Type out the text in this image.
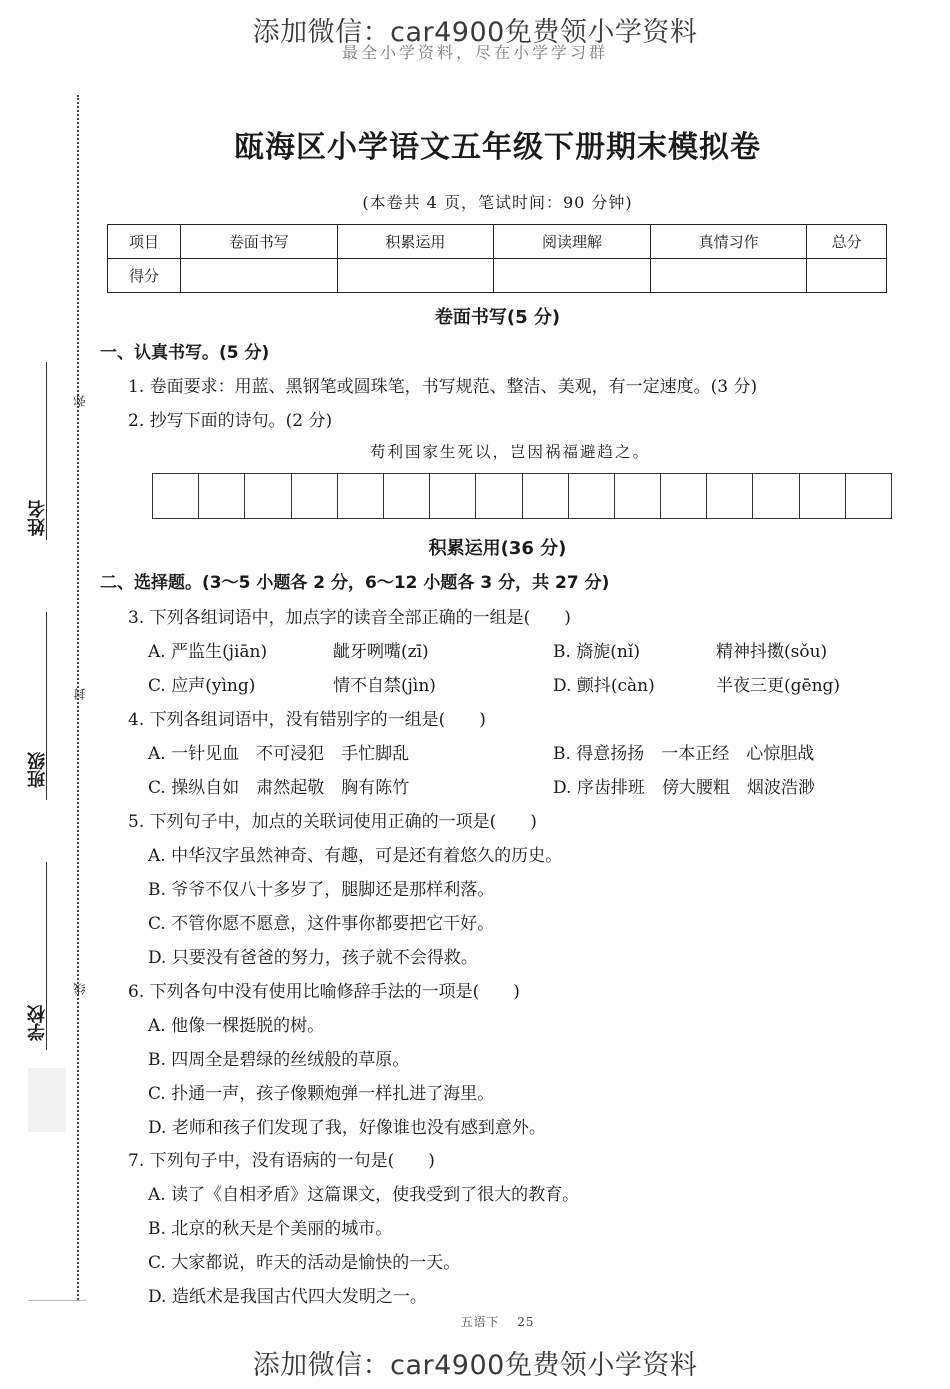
添加微信：car4900免费领小学资料
最全小学资料，尽在小学学习群
姓名
班级
学校
弥
封
线
瓯海区小学语文五年级下册期末模拟卷
(本卷共 4 页，笔试时间：90 分钟)
项目	卷面书写	积累运用	阅读理解	真情习作	总分
得分					
卷面书写(5 分)
一、认真书写。(5 分)
1. 卷面要求：用蓝、黑钢笔或圆珠笔，书写规范、整洁、美观，有一定速度。(3 分)
2. 抄写下面的诗句。(2 分)
苟利国家生死以，岂因祸福避趋之。
积累运用(36 分)
二、选择题。(3～5 小题各 2 分，6～12 小题各 3 分，共 27 分)
3. 下列各组词语中，加点字的读音全部正确的一组是(　　)
A. 严监生(jiān)	龇牙咧嘴(zī)	B. 旖旎(nǐ)	精神抖擞(sǒu)
C. 应声(yìng)	情不自禁(jìn)	D. 颤抖(càn)	半夜三更(gēng)
4. 下列各组词语中，没有错别字的一组是(　　)
A. 一针见血　不可浸犯　手忙脚乱	B. 得意扬扬　一本正经　心惊胆战
C. 操纵自如　肃然起敬　胸有陈竹	D. 序齿排班　傍大腰粗　烟波浩渺
5. 下列句子中，加点的关联词使用正确的一项是(　　)
A. 中华汉字虽然神奇、有趣，可是还有着悠久的历史。
B. 爷爷不仅八十多岁了，腿脚还是那样利落。
C. 不管你愿不愿意，这件事你都要把它干好。
D. 只要没有爸爸的努力，孩子就不会得救。
6. 下列各句中没有使用比喻修辞手法的一项是(　　)
A. 他像一棵挺脱的树。
B. 四周全是碧绿的丝绒般的草原。
C. 扑通一声，孩子像颗炮弹一样扎进了海里。
D. 老师和孩子们发现了我，好像谁也没有感到意外。
7. 下列句子中，没有语病的一句是(　　)
A. 读了《自相矛盾》这篇课文，使我受到了很大的教育。
B. 北京的秋天是个美丽的城市。
C. 大家都说，昨天的活动是愉快的一天。
D. 造纸术是我国古代四大发明之一。
五语下　 25
添加微信：car4900免费领小学资料
